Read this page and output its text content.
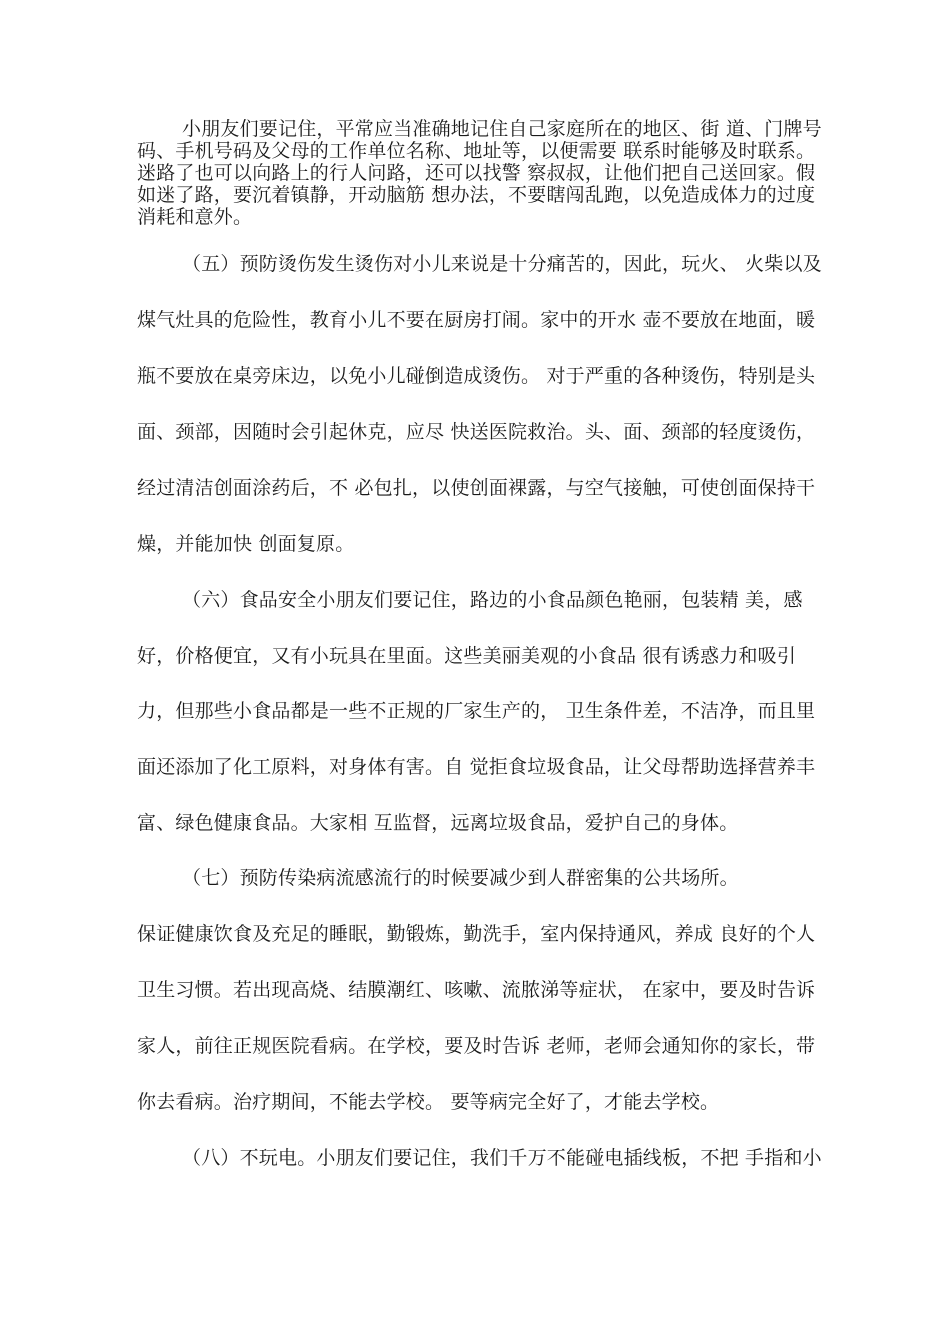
小朋友们要记住，平常应当准确地记住自己家庭所在的地区、街 道、门牌号
码、手机号码及父母的工作单位名称、地址等，以便需要 联系时能够及时联系。
迷路了也可以向路上的行人问路，还可以找警 察叔叔，让他们把自己送回家。假
如迷了路，要沉着镇静，开动脑筋 想办法，不要瞎闯乱跑，以免造成体力的过度
消耗和意外。
（五）预防烫伤发生烫伤对小儿来说是十分痛苦的，因此，玩火、 火柴以及
煤气灶具的危险性，教育小儿不要在厨房打闹。家中的开水 壶不要放在地面，暖
瓶不要放在桌旁床边，以免小儿碰倒造成烫伤。 对于严重的各种烫伤，特别是头
面、颈部，因随时会引起休克，应尽 快送医院救治。头、面、颈部的轻度烫伤，
经过清洁创面涂药后，不 必包扎，以使创面裸露，与空气接触，可使创面保持干
燥，并能加快 创面复原。
（六）食品安全小朋友们要记住，路边的小食品颜色艳丽，包装精 美，感
好，价格便宜，又有小玩具在里面。这些美丽美观的小食品 很有诱惑力和吸引
力，但那些小食品都是一些不正规的厂家生产的， 卫生条件差，不洁净，而且里
面还添加了化工原料，对身体有害。自 觉拒食垃圾食品，让父母帮助选择营养丰
富、绿色健康食品。大家相 互监督，远离垃圾食品，爱护自己的身体。
（七）预防传染病流感流行的时候要减少到人群密集的公共场所。
保证健康饮食及充足的睡眠，勤锻炼，勤洗手，室内保持通风，养成 良好的个人
卫生习惯。若出现高烧、结膜潮红、咳嗽、流脓涕等症状， 在家中，要及时告诉
家人，前往正规医院看病。在学校，要及时告诉 老师，老师会通知你的家长，带
你去看病。治疗期间，不能去学校。 要等病完全好了，才能去学校。
（八）不玩电。小朋友们要记住，我们千万不能碰电插线板，不把 手指和小
